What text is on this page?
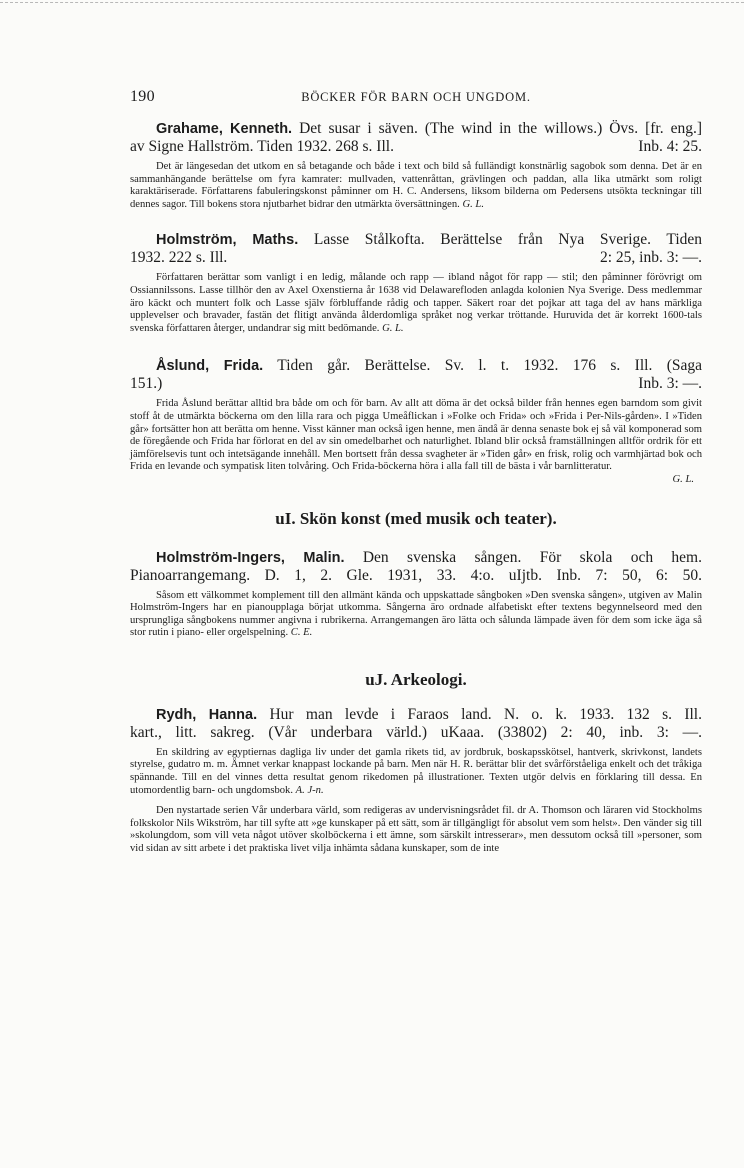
190	BÖCKER FÖR BARN OCH UNGDOM.

Grahame, Kenneth. Det susar i säven. (The wind in the willows.) Övs. [fr. eng.]

av Signe Hallström. Tiden 1932. 268 s. Ill.	Inb. 4: 25.

Det är längesedan det utkom en så betagande och både i text och bild så fulländigt konstnärlig sagobok som denna. Det är en sammanhängande berättelse om fyra kamrater: mullvaden, vattenråttan, grävlingen och paddan, alla lika utmärkt som roligt karaktäriserade. Författarens fabuleringskonst påminner om H. C. Andersens, liksom bilderna om Pedersens utsökta teckningar till dennes sagor. Till bokens stora njutbarhet bidrar den utmärkta översättningen. G. L.

Holmström, Maths. Lasse Stålkofta. Berättelse från Nya Sverige. Tiden

1932. 222 s. Ill.	2: 25, inb. 3: —.

Författaren berättar som vanligt i en ledig, målande och rapp — ibland något för rapp — stil; den påminner förövrigt om Ossiannilssons. Lasse tillhör den av Axel Oxenstierna år 1638 vid Delawarefloden anlagda kolonien Nya Sverige. Dess medlemmar äro käckt och muntert folk och Lasse själv förbluffande rådig och tapper. Säkert roar det pojkar att taga del av hans märkliga upplevelser och bravader, fastän det flitigt använda ålderdomliga språket nog verkar tröttande. Huruvida det är korrekt 1600-tals svenska författaren återger, undandrar sig mitt bedömande. G. L.

Åslund, Frida. Tiden går. Berättelse. Sv. l. t. 1932. 176 s. Ill. (Saga

151.)	Inb. 3: —.

Frida Åslund berättar alltid bra både om och för barn. Av allt att döma är det också bilder från hennes egen barndom som givit stoff åt de utmärkta böckerna om den lilla rara och pigga Umeåflickan i »Folke och Frida» och »Frida i Per-Nils-gården». I »Tiden går» fortsätter hon att berätta om henne. Visst känner man också igen henne, men ändå är denna senaste bok ej så väl komponerad som de föregående och Frida har förlorat en del av sin omedelbarhet och naturlighet. Ibland blir också framställningen alltför ordrik för ett jämförelsevis tunt och intetsägande innehåll. Men bortsett från dessa svagheter är »Tiden går» en frisk, rolig och varmhjärtad bok och Frida en levande och sympatisk liten tolvåring. Och Frida-böckerna höra i alla fall till de bästa i vår barnlitteratur.

G. L.
uI. Skön konst (med musik och teater).

Holmström-Ingers, Malin. Den svenska sången. För skola och hem.

Pianoarrangemang. D. 1, 2. Gle. 1931, 33. 4:o. uIjtb. Inb. 7: 50, 6: 50.

Såsom ett välkommet komplement till den allmänt kända och uppskattade sångboken »Den svenska sången», utgiven av Malin Holmström-Ingers har en pianoupplaga börjat utkomma. Sångerna äro ordnade alfabetiskt efter textens begynnelseord med den ursprungliga sångbokens nummer angivna i rubrikerna. Arrangemangen äro lätta och sålunda lämpade även för dem som icke äga så stor rutin i piano- eller orgelspelning. C. E.

uJ. Arkeologi.

Rydh, Hanna. Hur man levde i Faraos land. N. o. k. 1933. 132 s. Ill.

kart., litt. sakreg. (Vår underbara värld.) uKaaa. (33802) 2: 40, inb. 3: —.

En skildring av egyptiernas dagliga liv under det gamla rikets tid, av jordbruk, boskapsskötsel, hantverk, skrivkonst, landets styrelse, gudatro m. m. Ämnet verkar knappast lockande på barn. Men när H. R. berättar blir det svårförståeliga enkelt och det tråkiga spännande. Till en del vinnes detta resultat genom rikedomen på illustrationer. Texten utgör delvis en förklaring till dessa. En utomordentlig barn- och ungdomsbok. A. J-n.

Den nystartade serien Vår underbara värld, som redigeras av undervisningsrådet fil. dr A. Thomson och läraren vid Stockholms folkskolor Nils Wikström, har till syfte att »ge kunskaper på ett sätt, som är tillgängligt för absolut vem som helst». Den vänder sig till »skolungdom, som vill veta något utöver skolböckerna i ett ämne, som särskilt intresserar», men dessutom också till »personer, som vid sidan av sitt arbete i det praktiska livet vilja inhämta sådana kunskaper, som de inte
